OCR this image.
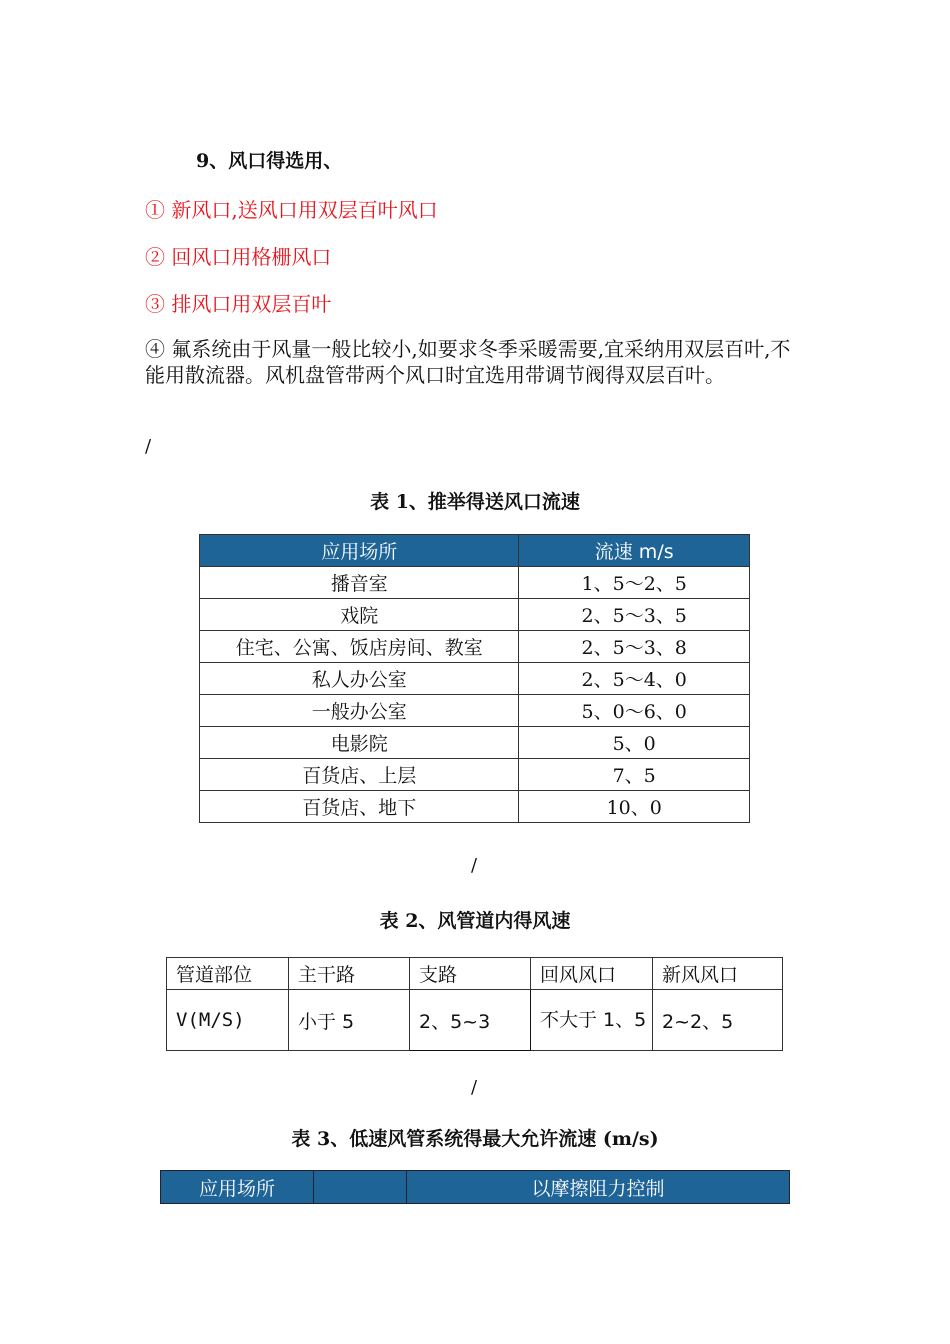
9、风口得选用、
① 新风口,送风口用双层百叶风口
② 回风口用格栅风口
③ 排风口用双层百叶
④ 氟系统由于风量一般比较小,如要求冬季采暖需要,宜采纳用双层百叶,不能用散流器。风机盘管带两个风口时宜选用带调节阀得双层百叶。
/
表 1、推举得送风口流速
应用场所	流速 m/s
播音室	1、5～2、5
戏院	2、5～3、5
住宅、公寓、饭店房间、教室	2、5～3、8
私人办公室	2、5～4、0
一般办公室	5、0～6、0
电影院	5、0
百货店、上层	7、5
百货店、地下	10、0
/
表 2、风管道内得风速
管道部位	主干路	支路	回风风口	新风风口
V(M/S)	小于 5	2、5~3	不大于 1、5	2~2、5
/
表 3、低速风管系统得最大允许流速 (m/s)
应用场所		以摩擦阻力控制
